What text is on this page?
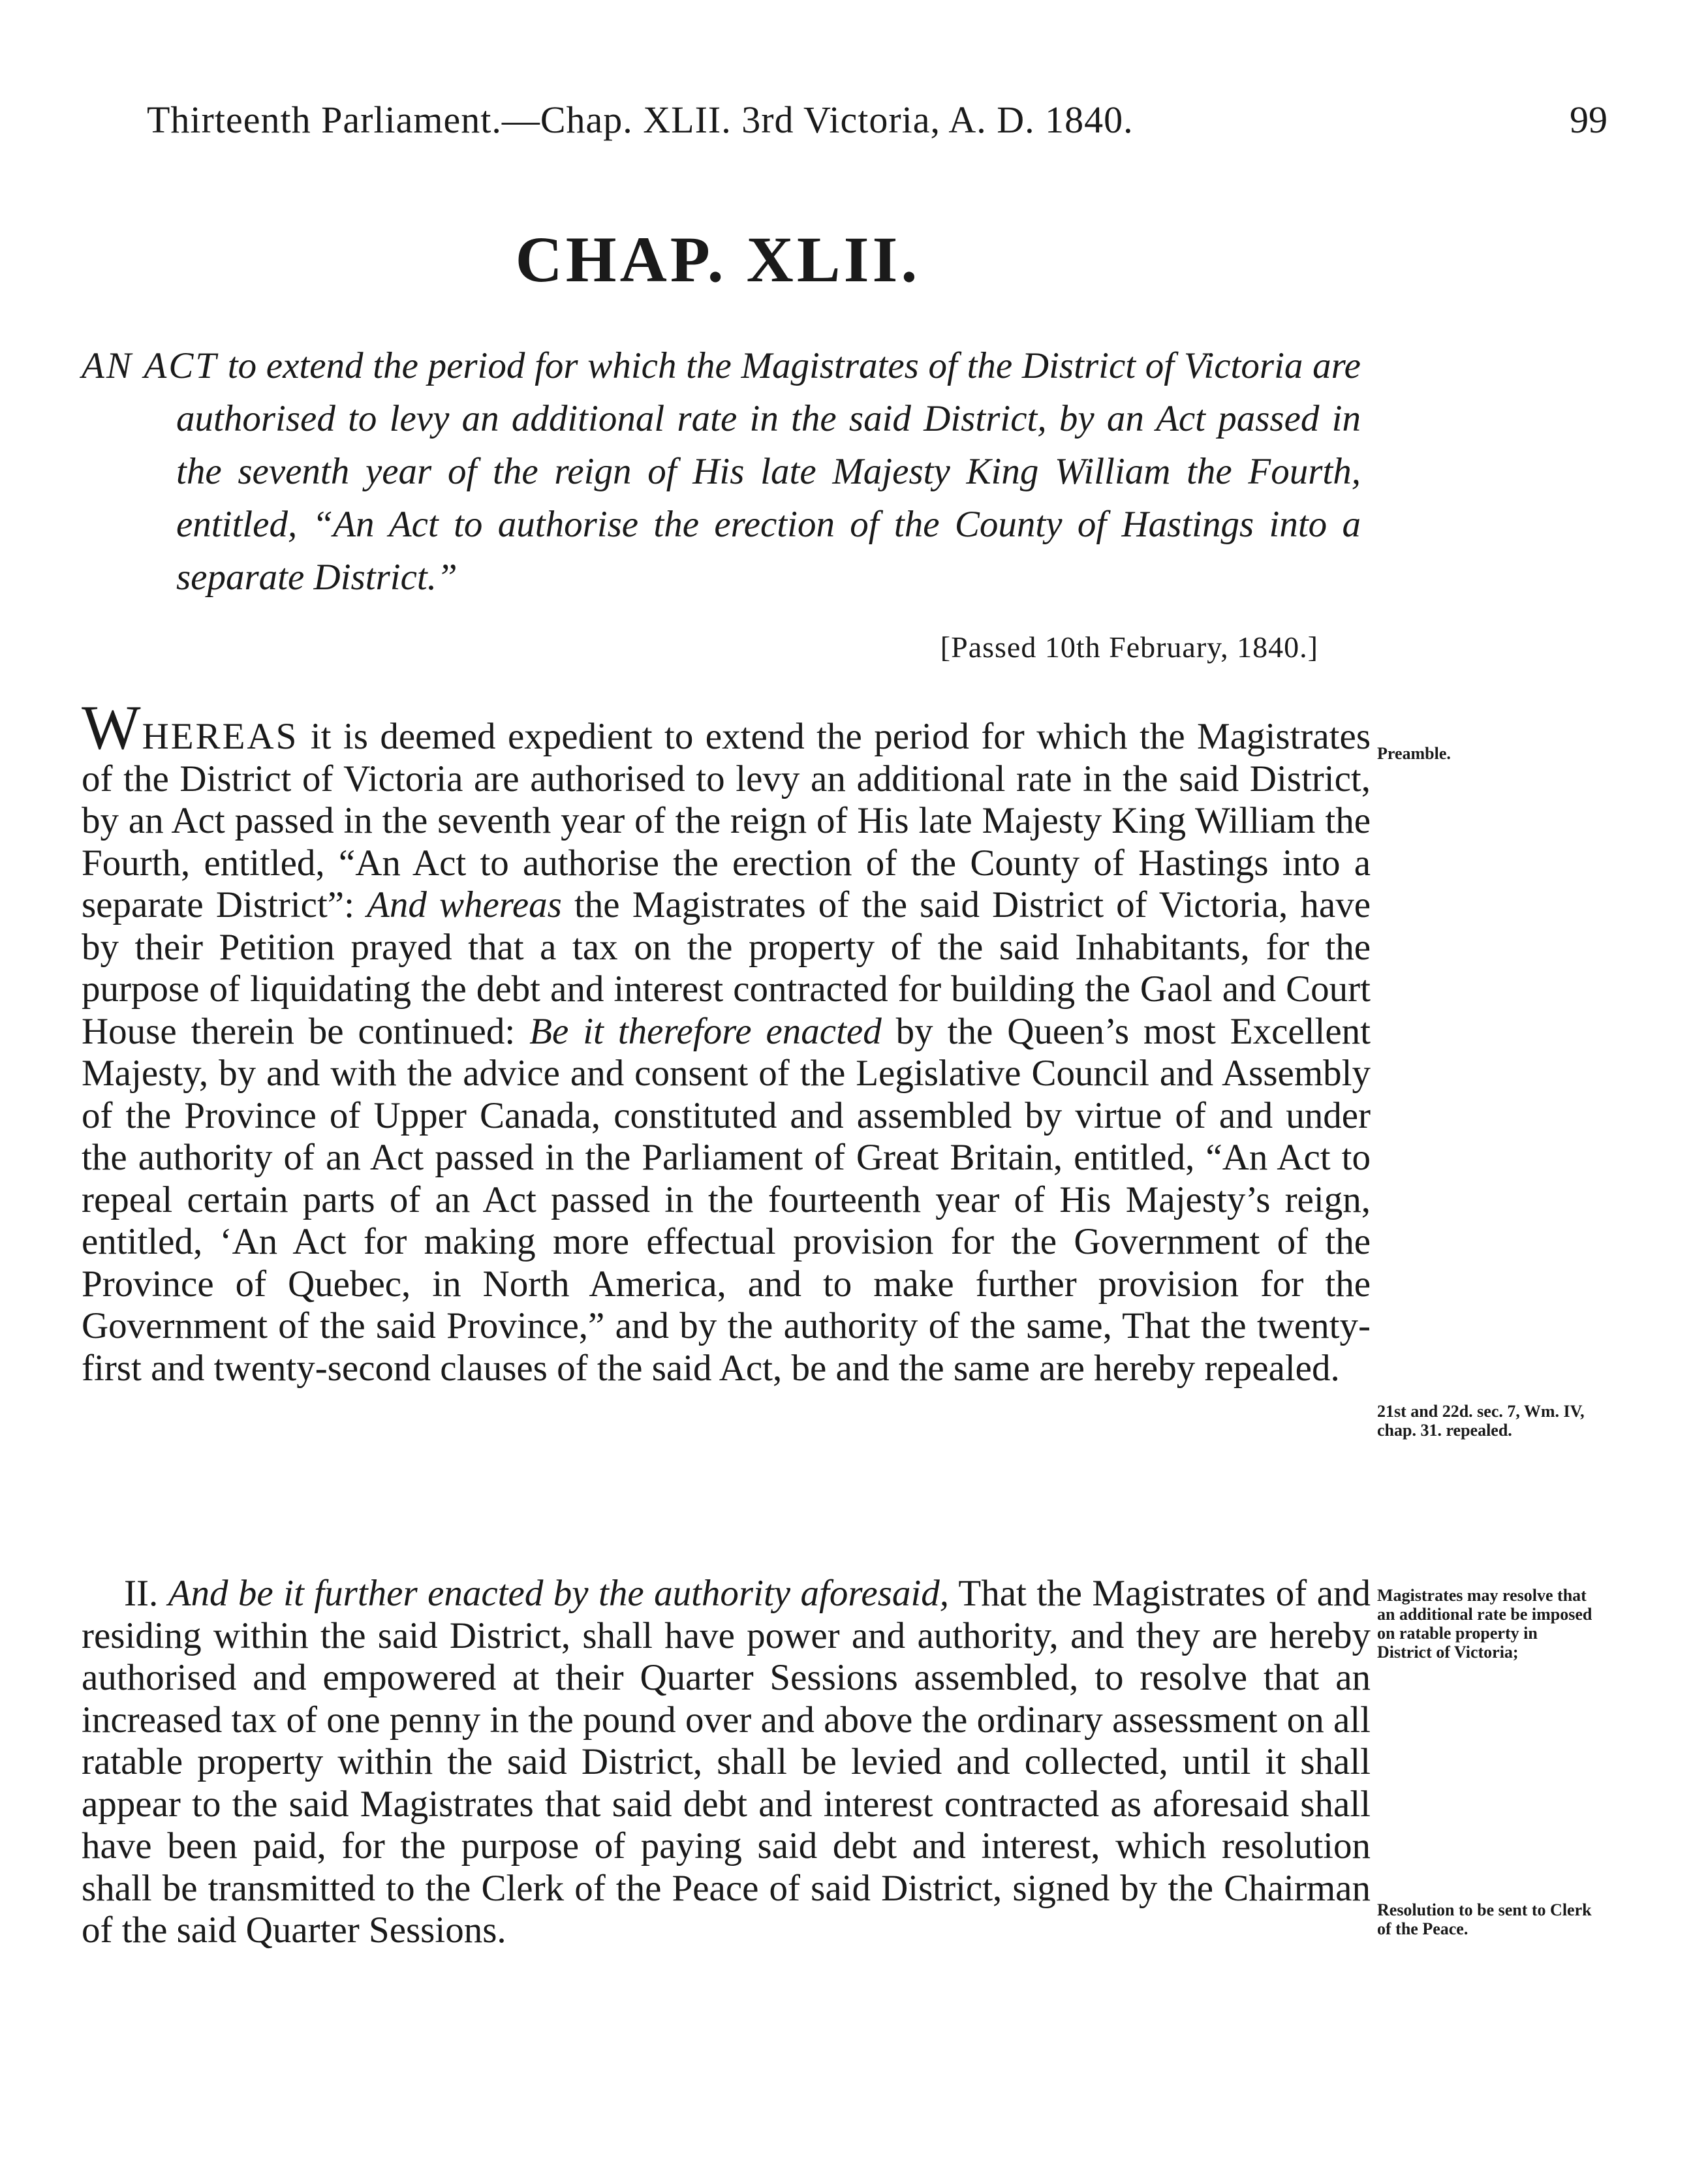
Thirteenth Parliament.—Chap. XLII. 3rd Victoria, A. D. 1840.	99
CHAP. XLII.
AN ACT to extend the period for which the Magistrates of the District of Victoria are authorised to levy an additional rate in the said District, by an Act passed in the seventh year of the reign of His late Majesty King William the Fourth, entitled, “An Act to authorise the erection of the County of Hastings into a separate District.”
[Passed 10th February, 1840.]

WHEREAS it is deemed expedient to extend the period for which the Magistrates of the District of Victoria are authorised to levy an additional rate in the said District, by an Act passed in the seventh year of the reign of His late Majesty King William the Fourth, entitled, “An Act to authorise the erection of the County of Hastings into a separate District”: And whereas the Magistrates of the said District of Victoria, have by their Petition prayed that a tax on the property of the said Inhabitants, for the purpose of liquidating the debt and interest contracted for building the Gaol and Court House therein be continued: Be it therefore enacted by the Queen’s most Excellent Majesty, by and with the advice and consent of the Legislative Council and Assembly of the Province of Upper Canada, constituted and assembled by virtue of and under the authority of an Act passed in the Parliament of Great Britain, entitled, “An Act to repeal certain parts of an Act passed in the fourteenth year of His Majesty’s reign, entitled, ‘An Act for making more effectual provision for the Government of the Province of Quebec, in North America, and to make further provision for the Government of the said Province,” and by the authority of the same, That the twenty-first and twenty-second clauses of the said Act, be and the same are hereby repealed.

II. And be it further enacted by the authority aforesaid, That the Magistrates of and residing within the said District, shall have power and authority, and they are hereby authorised and empowered at their Quarter Sessions assembled, to resolve that an increased tax of one penny in the pound over and above the ordinary assessment on all ratable property within the said District, shall be levied and collected, until it shall appear to the said Magistrates that said debt and interest contracted as aforesaid shall have been paid, for the purpose of paying said debt and interest, which resolution shall be transmitted to the Clerk of the Peace of said District, signed by the Chairman of the said Quarter Sessions.

Preamble.
21st and 22d. sec. 7, Wm. IV, chap. 31. repealed.
Magistrates may resolve that an additional rate be imposed on ratable property in District of Victoria;
Resolution to be sent to Clerk of the Peace.
